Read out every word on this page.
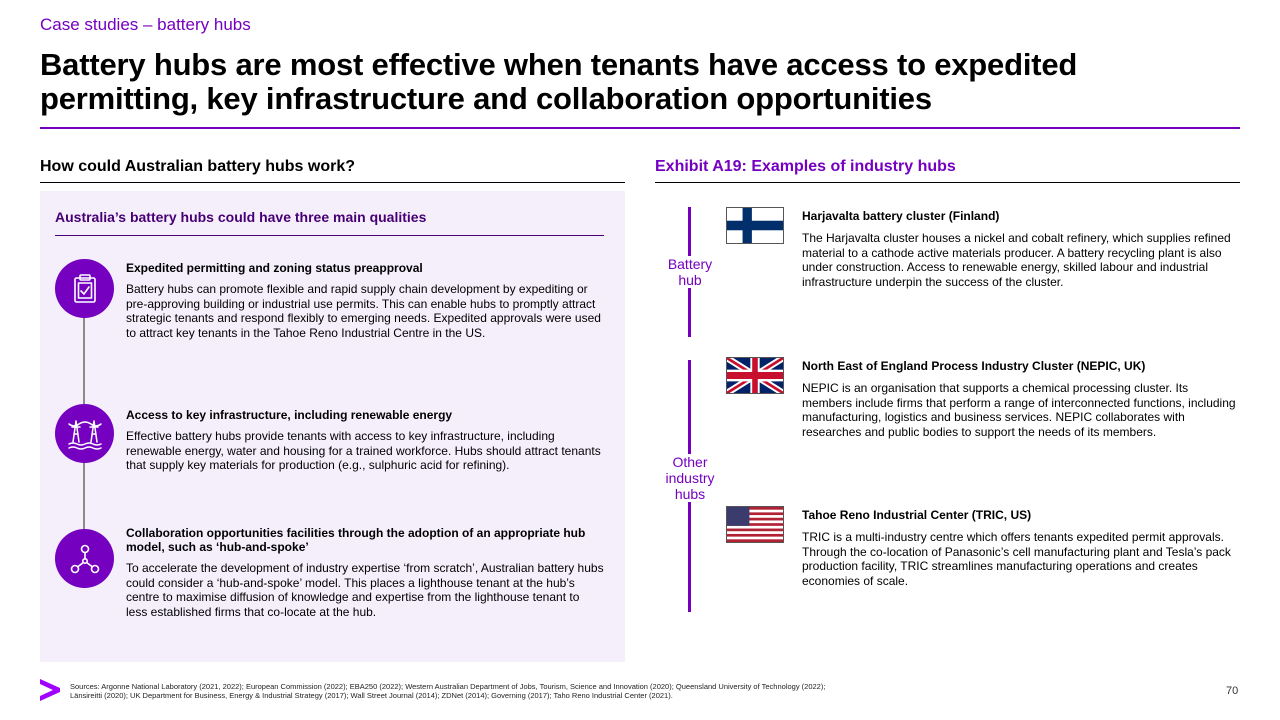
Case studies – battery hubs
Battery hubs are most effective when tenants have access to expedited permitting, key infrastructure and collaboration opportunities
How could Australian battery hubs work?
Australia’s battery hubs could have three main qualities
Expedited permitting and zoning status preapproval
Battery hubs can promote flexible and rapid supply chain development by expediting or pre-approving building or industrial use permits. This can enable hubs to promptly attract strategic tenants and respond flexibly to emerging needs. Expedited approvals were used to attract key tenants in the Tahoe Reno Industrial Centre in the US.
Access to key infrastructure, including renewable energy
Effective battery hubs provide tenants with access to key infrastructure, including renewable energy, water and housing for a trained workforce. Hubs should attract tenants that supply key materials for production (e.g., sulphuric acid for refining).
Collaboration opportunities facilities through the adoption of an appropriate hub model, such as ‘hub-and-spoke’
To accelerate the development of industry expertise ‘from scratch’, Australian battery hubs could consider a ‘hub-and-spoke’ model. This places a lighthouse tenant at the hub’s centre to maximise diffusion of knowledge and expertise from the lighthouse tenant to less established firms that co-locate at the hub.
Exhibit A19: Examples of industry hubs
Battery hub
Other industry hubs
Harjavalta battery cluster (Finland)
The Harjavalta cluster houses a nickel and cobalt refinery, which supplies refined material to a cathode active materials producer. A battery recycling plant is also under construction. Access to renewable energy, skilled labour and industrial infrastructure underpin the success of the cluster.
North East of England Process Industry Cluster (NEPIC, UK)
NEPIC is an organisation that supports a chemical processing cluster. Its members include firms that perform a range of interconnected functions, including manufacturing, logistics and business services. NEPIC collaborates with researches and public bodies to support the needs of its members.
Tahoe Reno Industrial Center (TRIC, US)
TRIC is a multi-industry centre which offers tenants expedited permit approvals. Through the co-location of Panasonic’s cell manufacturing plant and Tesla’s pack production facility, TRIC streamlines manufacturing operations and creates economies of scale.
Sources: Argonne National Laboratory (2021, 2022); European Commission (2022); EBA250 (2022); Western Australian Department of Jobs, Tourism, Science and Innovation (2020); Queensland University of Technology (2022);
Länsireitti (2020); UK Department for Business, Energy & Industrial Strategy (2017); Wall Street Journal (2014); ZDNet (2014); Governing (2017); Taho Reno Industrial Center (2021).	70
